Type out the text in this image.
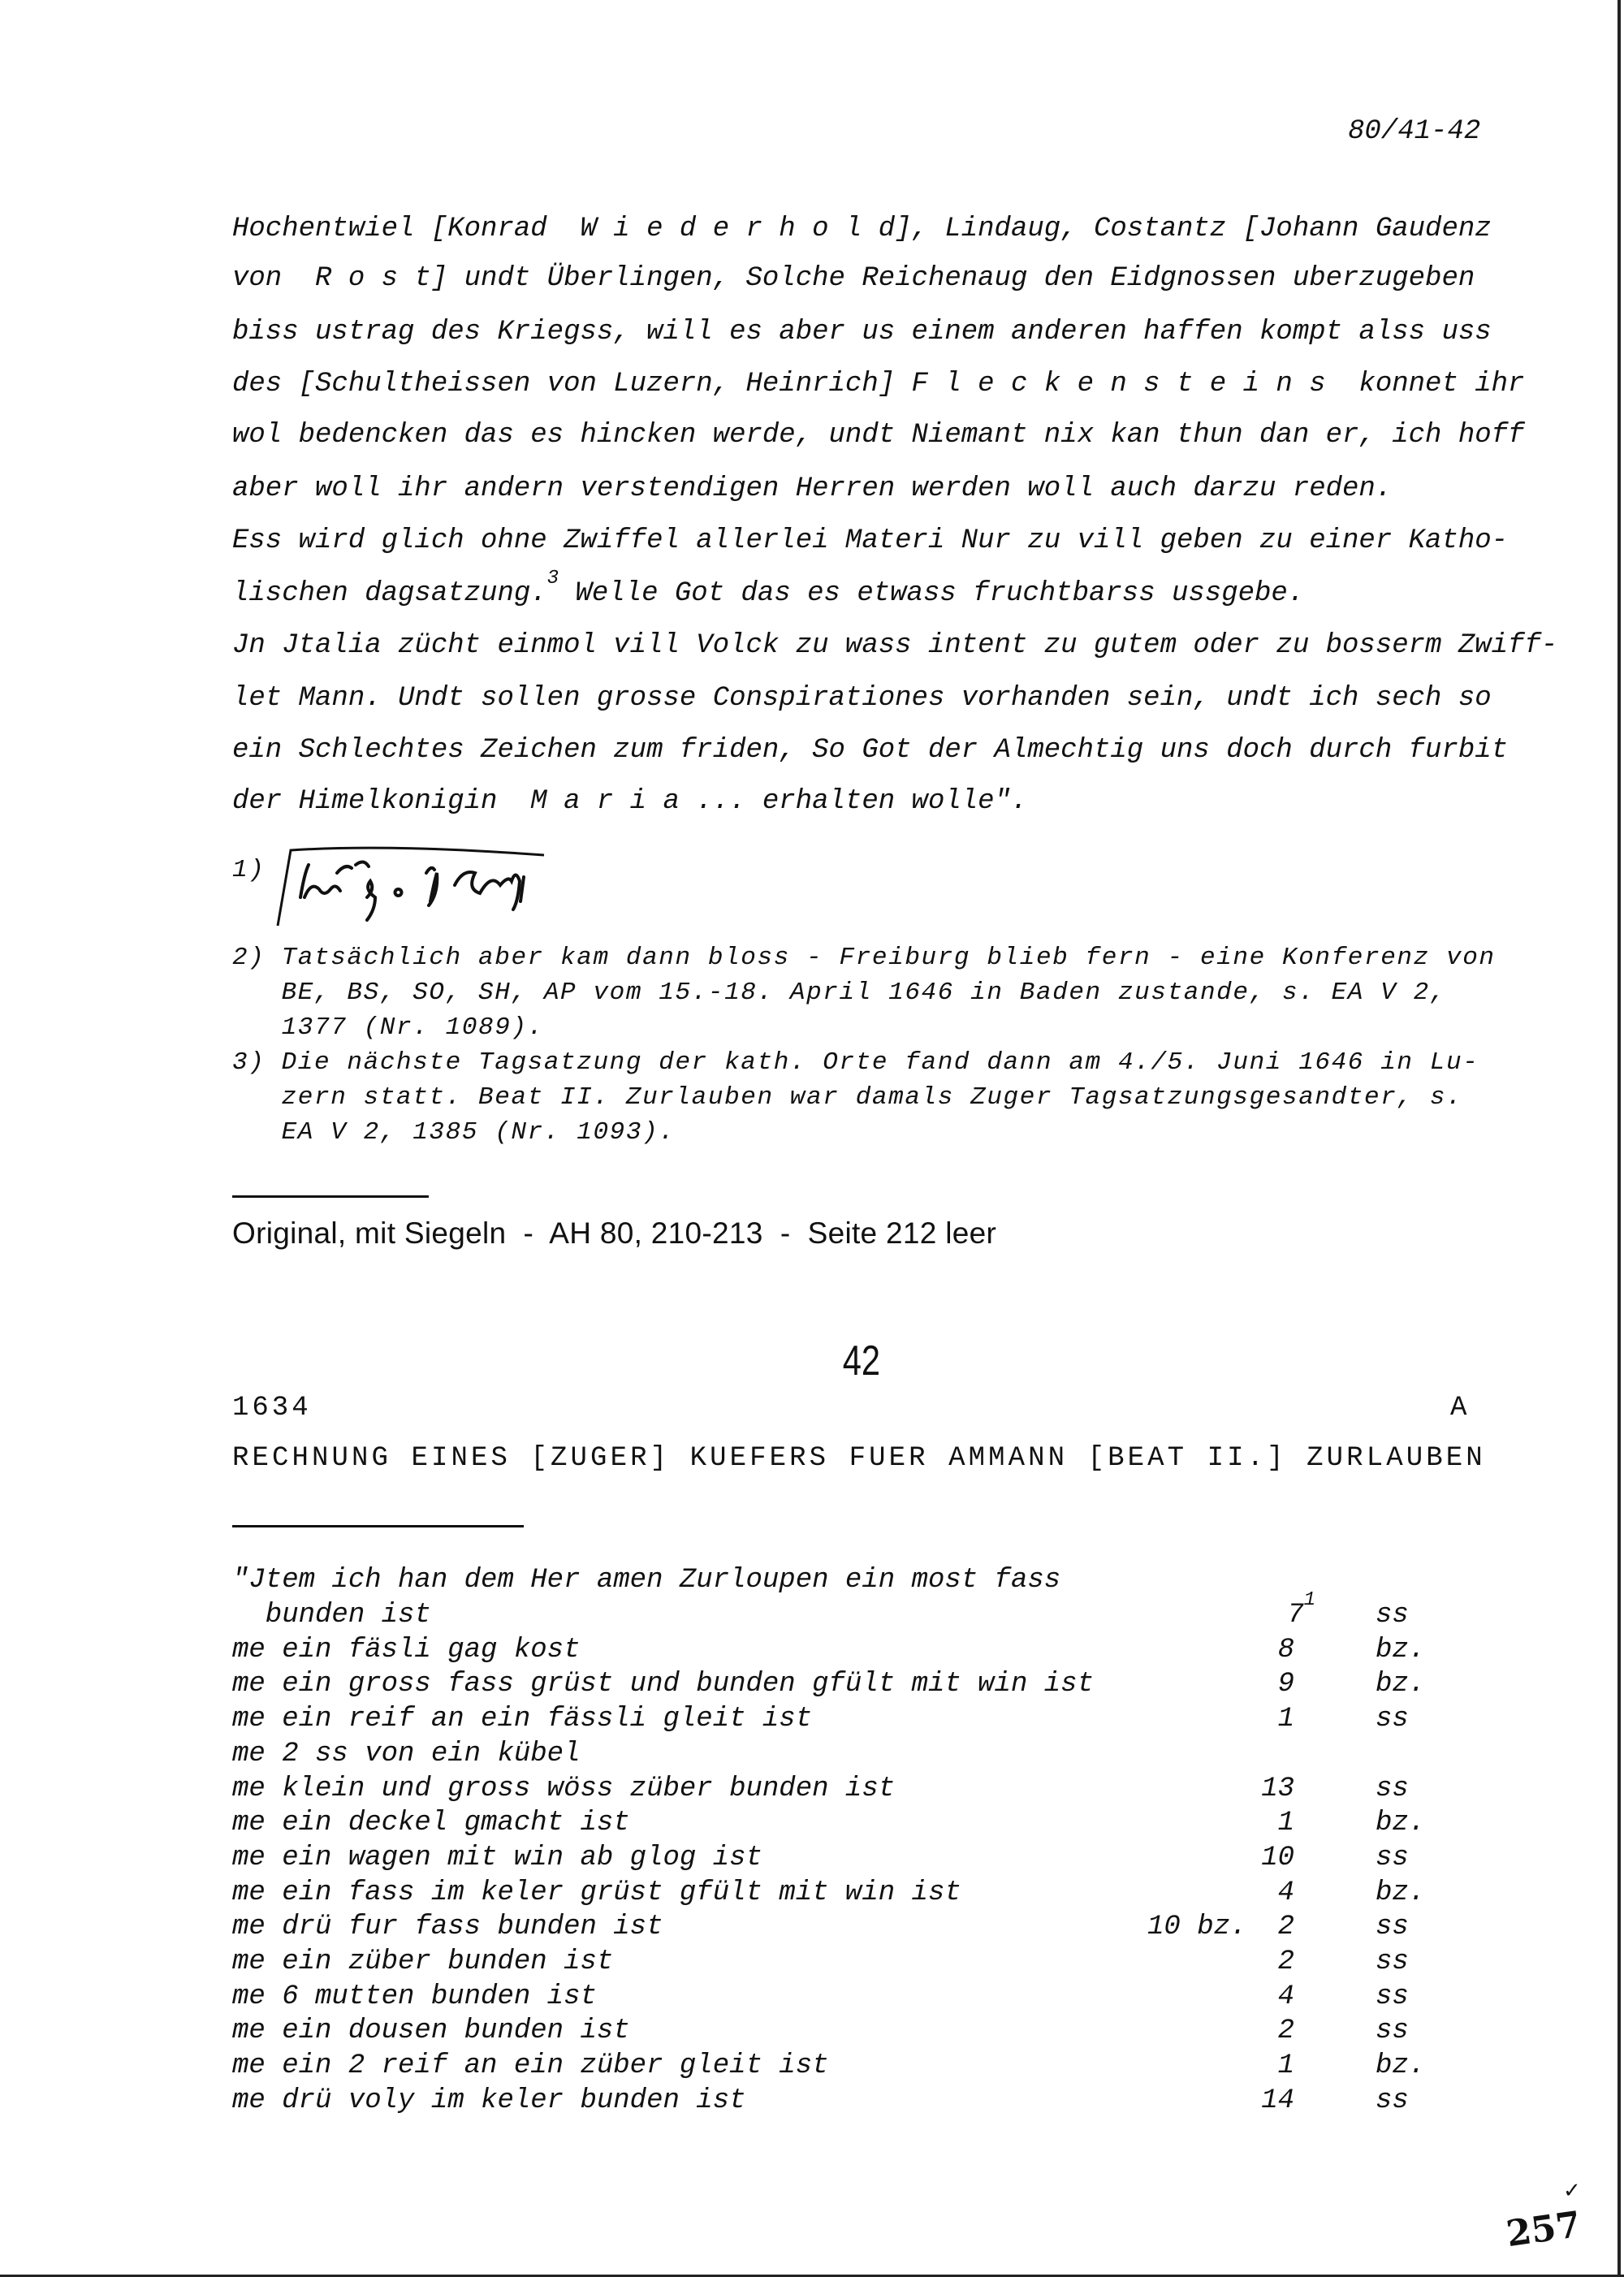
80/41-42
Hochentwiel [Konrad  W i e d e r h o l d], Lindaug, Costantz [Johann Gaudenz
von  R o s t] undt Überlingen, Solche Reichenaug den Eidgnossen uberzugeben
biss ustrag des Kriegss, will es aber us einem anderen haffen kompt alss uss
des [Schultheissen von Luzern, Heinrich] F l e c k e n s t e i n s  konnet ihr
wol bedencken das es hincken werde, undt Niemant nix kan thun dan er, ich hoff
aber woll ihr andern verstendigen Herren werden woll auch darzu reden.
Ess wird glich ohne Zwiffel allerlei Materi Nur zu vill geben zu einer Katho-
lischen dagsatzung.$^3$ Welle Got das es etwass fruchtbarss ussgebe.
Jn Jtalia zücht einmol vill Volck zu wass intent zu gutem oder zu bosserm Zwiff-
let Mann. Undt sollen grosse Conspirationes vorhanden sein, undt ich sech so
ein Schlechtes Zeichen zum friden, So Got der Almechtig uns doch durch furbit
der Himelkonigin  M a r i a ... erhalten wolle".
1)
2) Tatsächlich aber kam dann bloss - Freiburg blieb fern - eine Konferenz von
BE, BS, SO, SH, AP vom 15.-18. April 1646 in Baden zustande, s. EA V 2,
1377 (Nr. 1089).
3) Die nächste Tagsatzung der kath. Orte fand dann am 4./5. Juni 1646 in Lu-
zern statt. Beat II. Zurlauben war damals Zuger Tagsatzungsgesandter, s.
EA V 2, 1385 (Nr. 1093).
Original, mit Siegeln  -  AH 80, 210-213  -  Seite 212 leer
42
1634	A
RECHNUNG EINES [ZUGER] KUEFERS FUER AMMANN [BEAT II.] ZURLAUBEN
"Jtem ich han dem Her amen Zurloupen ein most fass
bunden ist	$7^1$ ss
me ein fäsli gag kost	8	bz.
me ein gross fass grüst und bunden gfült mit win ist	9	bz.
me ein reif an ein fässli gleit ist	1	ss
me 2 ss von ein kübel
me klein und gross wöss züber bunden ist	13	ss
me ein deckel gmacht ist	1	bz.
me ein wagen mit win ab glog ist	10	ss
me ein fass im keler grüst gfült mit win ist	4	bz.
me drü fur fass bunden ist	10 bz.	2	ss
me ein züber bunden ist	2	ss
me 6 mutten bunden ist	4	ss
me ein dousen bunden ist	2	ss
me ein 2 reif an ein züber gleit ist	1	bz.
me drü voly im keler bunden ist	14	ss
257
✓
